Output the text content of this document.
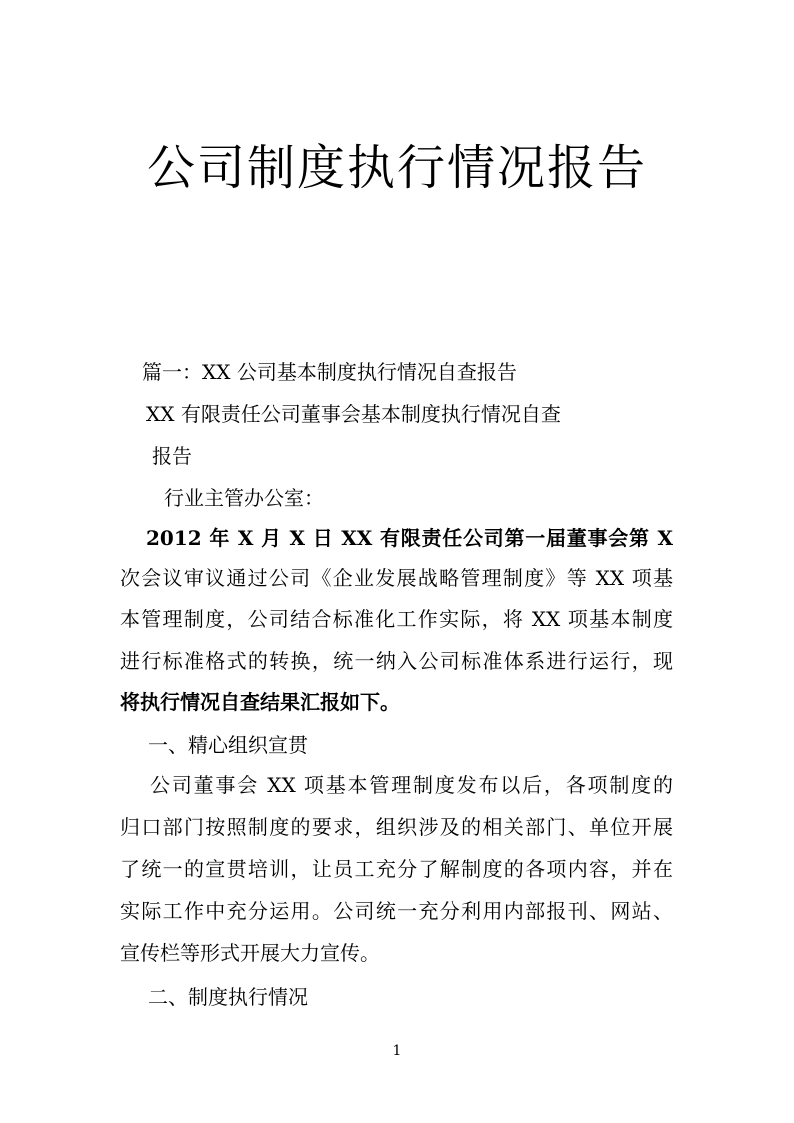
公司制度执行情况报告

篇一：XX 公司基本制度执行情况自查报告

XX 有限责任公司董事会基本制度执行情况自查

报告

行业主管办公室：

2012 年 X 月 X 日 XX 有限责任公司第一届董事会第 X

次会议审议通过公司《企业发展战略管理制度》等 XX 项基

本管理制度，公司结合标准化工作实际，将 XX 项基本制度

进行标准格式的转换，统一纳入公司标准体系进行运行，现

将执行情况自查结果汇报如下。

一、精心组织宣贯

公司董事会 XX 项基本管理制度发布以后，各项制度的

归口部门按照制度的要求，组织涉及的相关部门、单位开展

了统一的宣贯培训，让员工充分了解制度的各项内容，并在

实际工作中充分运用。公司统一充分利用内部报刊、网站、

宣传栏等形式开展大力宣传。

二、制度执行情况

1
